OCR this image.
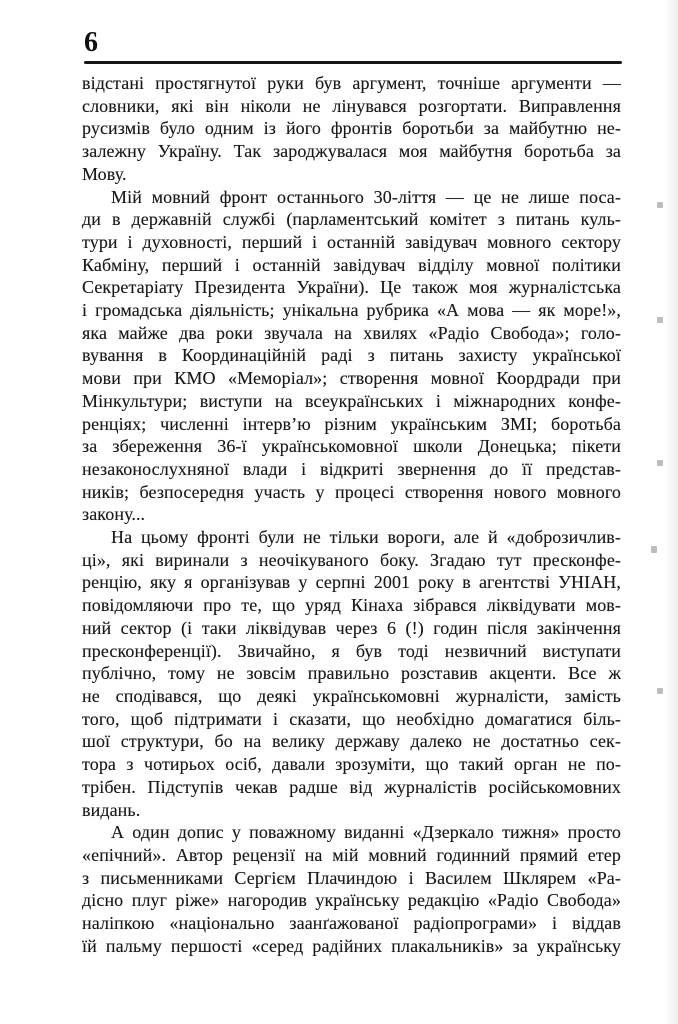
6
відстані простягнутої руки був аргумент, точніше аргументи —
словники, які він ніколи не лінувався розгортати. Виправлення
русизмів було одним із його фронтів боротьби за майбутню не-
залежну Україну. Так зароджувалася моя майбутня боротьба за
Мову.
Мій мовний фронт останнього 30-ліття — це не лише поса-
ди в державній службі (парламентський комітет з питань куль-
тури і духовності, перший і останній завідувач мовного сектору
Кабміну, перший і останній завідувач відділу мовної політики
Секретаріату Президента України). Це також моя журналістська
і громадська діяльність; унікальна рубрика «А мова — як море!»,
яка майже два роки звучала на хвилях «Радіо Свобода»; голо-
вування в Координаційній раді з питань захисту української
мови при КМО «Меморіал»; створення мовної Коордради при
Мінкультури; виступи на всеукраїнських і міжнародних конфе-
ренціях; численні інтерв’ю різним українським ЗМІ; боротьба
за збереження 36-ї українськомовної школи Донецька; пікети
незаконослухняної влади і відкриті звернення до її представ-
ників; безпосередня участь у процесі створення нового мовного
закону...
На цьому фронті були не тільки вороги, але й «доброзичлив-
ці», які виринали з неочікуваного боку. Згадаю тут пресконфе-
ренцію, яку я організував у серпні 2001 року в агентстві УНІАН,
повідомляючи про те, що уряд Кінаха зібрався ліквідувати мов-
ний сектор (і таки ліквідував через 6 (!) годин після закінчення
пресконференції). Звичайно, я був тоді незвичний виступати
публічно, тому не зовсім правильно розставив акценти. Все ж
не сподівався, що деякі українськомовні журналісти, замість
того, щоб підтримати і сказати, що необхідно домагатися біль-
шої структури, бо на велику державу далеко не достатньо сек-
тора з чотирьох осіб, давали зрозуміти, що такий орган не по-
трібен. Підступів чекав радше від журналістів російськомовних
видань.
А один допис у поважному виданні «Дзеркало тижня» просто
«епічний». Автор рецензії на мій мовний годинний прямий етер
з письменниками Сергієм Плачиндою і Василем Шклярем «Ра-
дісно плуг ріже» нагородив українську редакцію «Радіо Свобода»
наліпкою «національно заанґажованої радіопрограми» і віддав
їй пальму першості «серед радійних плакальників» за українську
